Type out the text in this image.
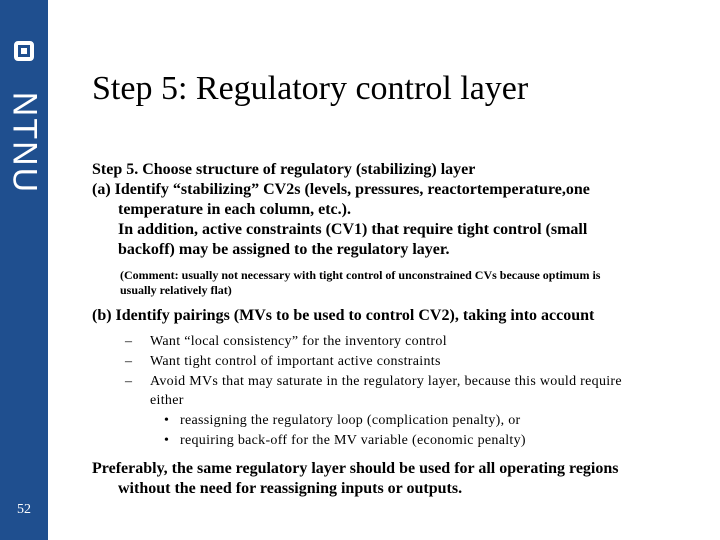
NTNU
52
Step 5: Regulatory control layer

Step 5. Choose structure of regulatory (stabilizing) layer

(a) Identify “stabilizing” CV2s (levels, pressures, reactortemperature,one

temperature in each column, etc.).

In addition, active constraints (CV1) that require tight control (small

backoff) may be assigned to the regulatory layer.

(Comment: usually not necessary with tight control of unconstrained CVs because optimum is

usually relatively flat)

(b) Identify pairings (MVs to be used to control CV2), taking into account

– Want “local consistency” for the inventory control
– Want tight control of important active constraints
– Avoid MVs that may saturate in the regulatory layer, because this would require
either
• reassigning the regulatory loop (complication penalty), or
• requiring back-off for the MV variable (economic penalty)

Preferably, the same regulatory layer should be used for all operating regions

without the need for reassigning inputs or outputs.
